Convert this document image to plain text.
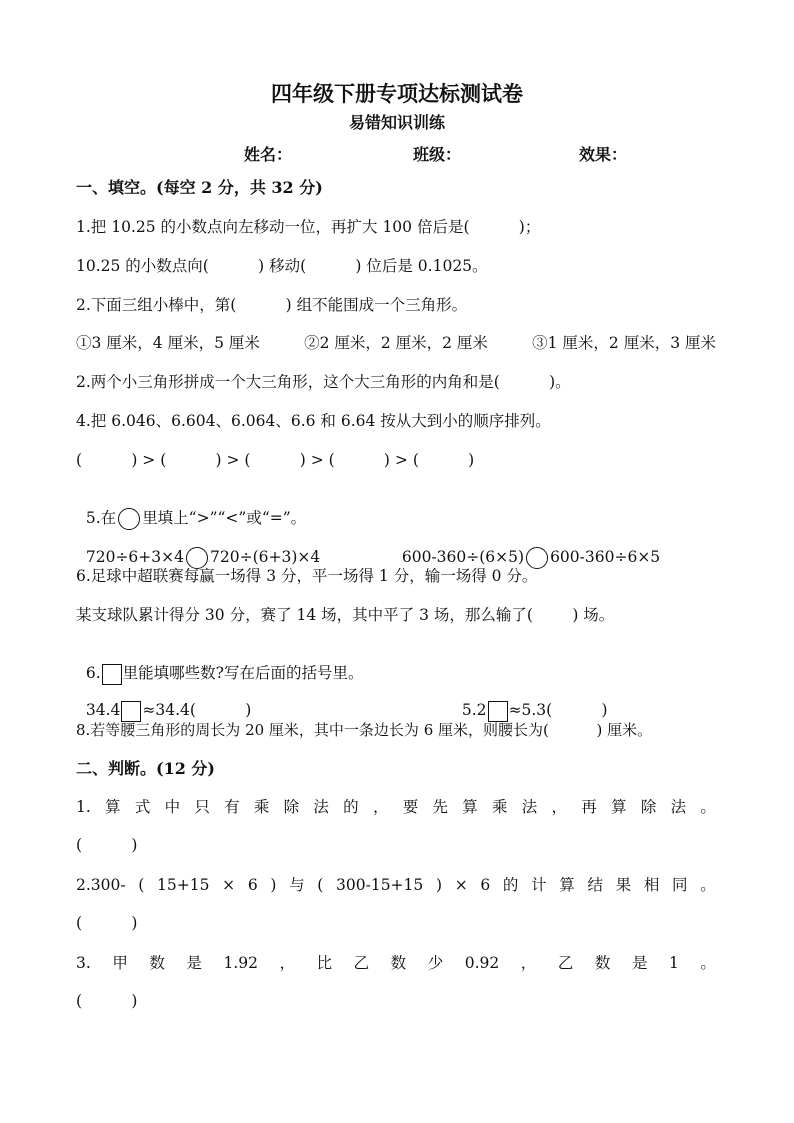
四年级下册专项达标测试卷
易错知识训练
姓名：	班级：	效果：
一、填空。(每空 2 分，共 32 分)
1.把 10.25 的小数点向左移动一位，再扩大 100 倍后是(          )；
10.25 的小数点向(          ) 移动(          ) 位后是 0.1025。
2.下面三组小棒中，第(          ) 组不能围成一个三角形。
①3 厘米，4 厘米，5 厘米	②2 厘米，2 厘米，2 厘米	③1 厘米，2 厘米，3 厘米
2.两个小三角形拼成一个大三角形，这个大三角形的内角和是(          )。
4.把 6.046、6.604、6.064、6.6 和 6.64 按从大到小的顺序排列。
(          ) > (          ) > (          ) > (          ) > (          )

5.在 里填上“>”“<”或“=”。

720÷6+3×4 720÷(6+3)×4	600-360÷(6×5) 600-360÷6×5

6.足球中超联赛每赢一场得 3 分，平一场得 1 分，输一场得 0 分。
某支球队累计得分 30 分，赛了 14 场，其中平了 3 场，那么输了(        ) 场。

6. 里能填哪些数?写在后面的括号里。

34.4 ≈34.4(          )	5.2 ≈5.3(          )

8.若等腰三角形的周长为 20 厘米，其中一条边长为 6 厘米，则腰长为(          ) 厘米。
二、判断。(12 分)
1. 算 式 中 只 有 乘 除 法 的 ， 要 先 算 乘 法 ， 再 算 除 法 。
(          )
2.300- ( 15+15 × 6 ) 与 ( 300-15+15 ) × 6 的 计 算 结 果 相 同 。
(          )
3. 甲 数 是 1.92 ， 比 乙 数 少 0.92 ， 乙 数 是 1 。
(          )
